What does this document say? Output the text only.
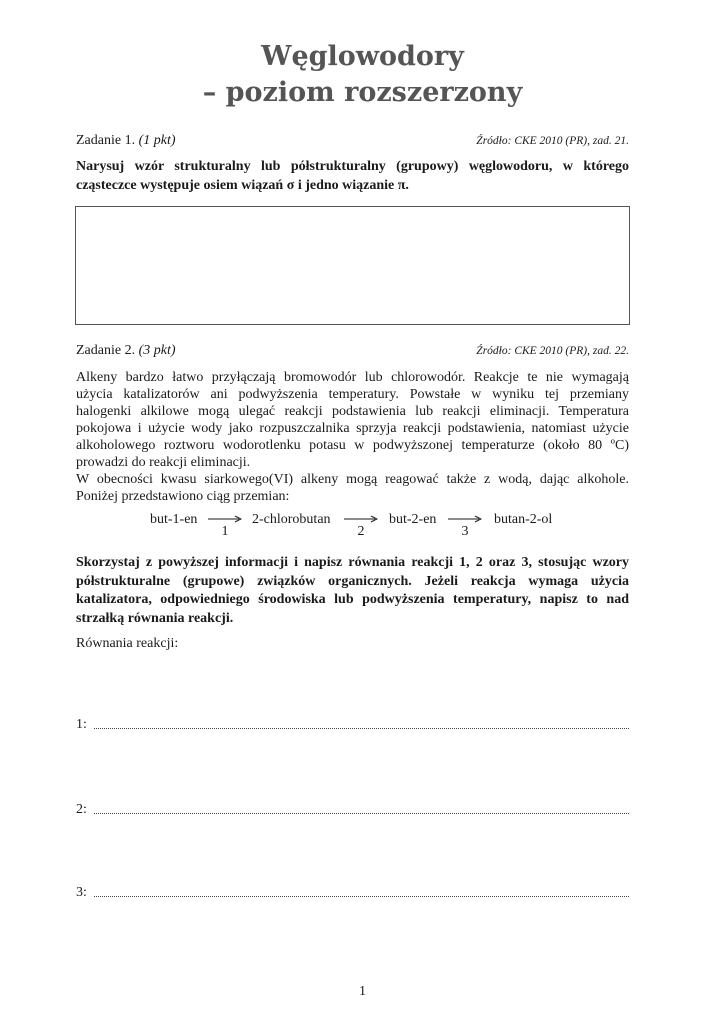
Węglowodory
– poziom rozszerzony
Zadanie 1. (1 pkt)	Źródło: CKE 2010 (PR), zad. 21.
Narysuj wzór strukturalny lub półstrukturalny (grupowy) węglowodoru, w którego
cząsteczce występuje osiem wiązań σ i jedno wiązanie π.
Zadanie 2. (3 pkt)	Źródło: CKE 2010 (PR), zad. 22.
Alkeny bardzo łatwo przyłączają bromowodór lub chlorowodór. Reakcje te nie wymagają
użycia katalizatorów ani podwyższenia temperatury. Powstałe w wyniku tej przemiany
halogenki alkilowe mogą ulegać reakcji podstawienia lub reakcji eliminacji. Temperatura
pokojowa i użycie wody jako rozpuszczalnika sprzyja reakcji podstawienia, natomiast użycie
alkoholowego roztworu wodorotlenku potasu w podwyższonej temperaturze (około 80 ºC)
prowadzi do reakcji eliminacji.
W obecności kwasu siarkowego(VI) alkeny mogą reagować także z wodą, dając alkohole.
Poniżej przedstawiono ciąg przemian:
but-1-en
1
2-chlorobutan
2
but-2-en
3
butan-2-ol
Skorzystaj z powyższej informacji i napisz równania reakcji 1, 2 oraz 3, stosując wzory
półstrukturalne (grupowe) związków organicznych. Jeżeli reakcja wymaga użycia
katalizatora, odpowiedniego środowiska lub podwyższenia temperatury, napisz to nad
strzałką równania reakcji.
Równania reakcji:
1:
2:
3:
1
